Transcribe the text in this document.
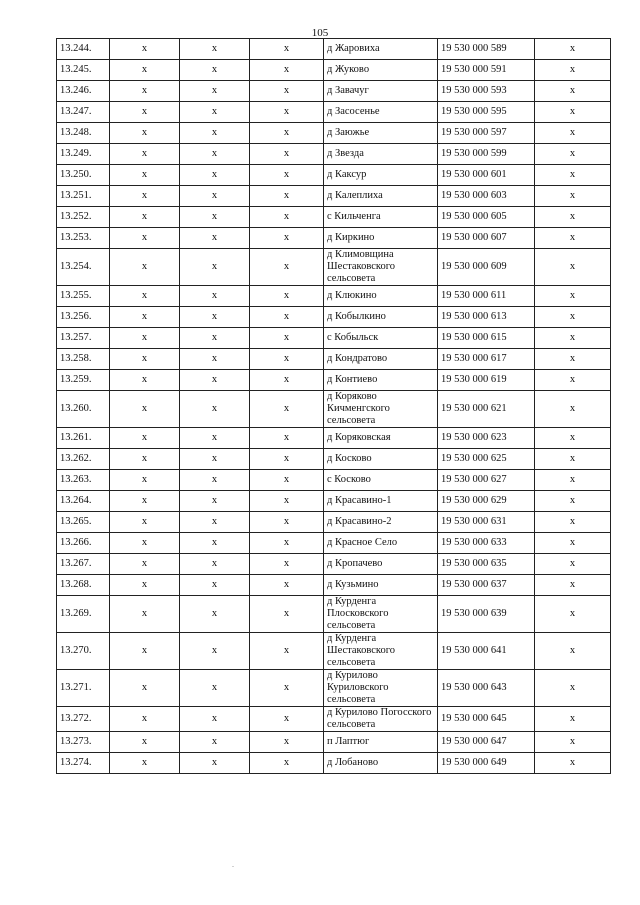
105
13.244.	x	x	x	д Жаровиха	19 530 000 589	x
13.245.	x	x	x	д Жуково	19 530 000 591	x
13.246.	x	x	x	д Завачуг	19 530 000 593	x
13.247.	x	x	x	д Засосенье	19 530 000 595	x
13.248.	x	x	x	д Заюжье	19 530 000 597	x
13.249.	x	x	x	д Звезда	19 530 000 599	x
13.250.	x	x	x	д Каксур	19 530 000 601	x
13.251.	x	x	x	д Калеплиха	19 530 000 603	x
13.252.	x	x	x	с Кильченга	19 530 000 605	x
13.253.	x	x	x	д Киркино	19 530 000 607	x
13.254.	x	x	x	д Климовщина Шестаковского сельсовета	19 530 000 609	x
13.255.	x	x	x	д Клюкино	19 530 000 611	x
13.256.	x	x	x	д Кобылкино	19 530 000 613	x
13.257.	x	x	x	с Кобыльск	19 530 000 615	x
13.258.	x	x	x	д Кондратово	19 530 000 617	x
13.259.	x	x	x	д Контиево	19 530 000 619	x
13.260.	x	x	x	д Коряково Кичменгского сельсовета	19 530 000 621	x
13.261.	x	x	x	д Коряковская	19 530 000 623	x
13.262.	x	x	x	д Косково	19 530 000 625	x
13.263.	x	x	x	с Косково	19 530 000 627	x
13.264.	x	x	x	д Красавино-1	19 530 000 629	x
13.265.	x	x	x	д Красавино-2	19 530 000 631	x
13.266.	x	x	x	д Красное Село	19 530 000 633	x
13.267.	x	x	x	д Кропачево	19 530 000 635	x
13.268.	x	x	x	д Кузьмино	19 530 000 637	x
13.269.	x	x	x	д Курденга Плосковского сельсовета	19 530 000 639	x
13.270.	x	x	x	д Курденга Шестаковского сельсовета	19 530 000 641	x
13.271.	x	x	x	д Курилово Куриловского сельсовета	19 530 000 643	x
13.272.	x	x	x	д Курилово Погосского сельсовета	19 530 000 645	x
13.273.	x	x	x	п Лаптюг	19 530 000 647	x
13.274.	x	x	x	д Лобаново	19 530 000 649	x
.
